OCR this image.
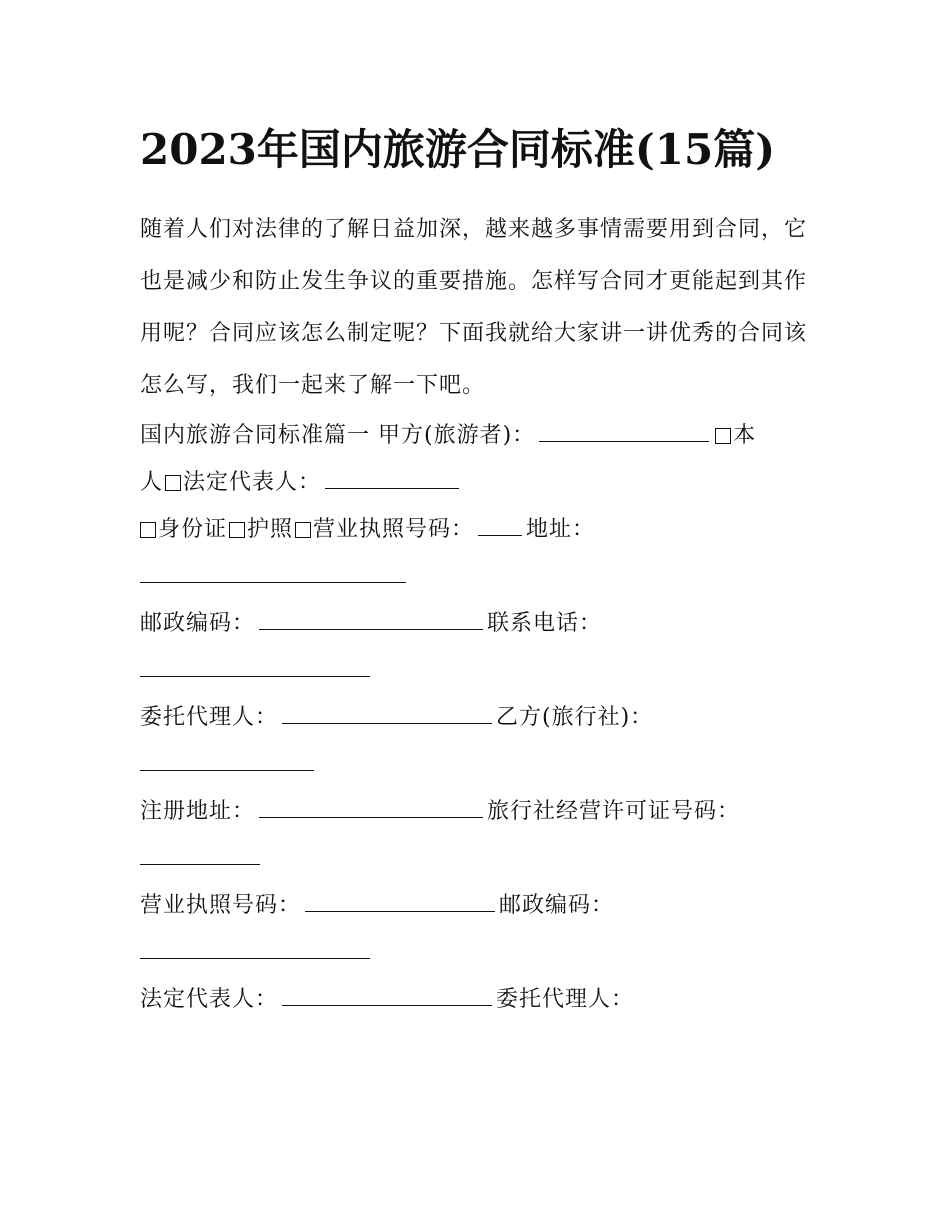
2023年国内旅游合同标准(15篇)

随着人们对法律的了解日益加深，越来越多事情需要用到合同，它也是减少和防止发生争议的重要措施。怎样写合同才更能起到其作用呢？合同应该怎么制定呢？下面我就给大家讲一讲优秀的合同该怎么写，我们一起来了解一下吧。

国内旅游合同标准篇一 甲方(旅游者)：	本
人 法定代表人：
身份证 护照 营业执照号码： 地址：
邮政编码：	联系电话：
委托代理人：	乙方(旅行社)：
注册地址：	旅行社经营许可证号码：
营业执照号码：	邮政编码：
法定代表人：	委托代理人：
